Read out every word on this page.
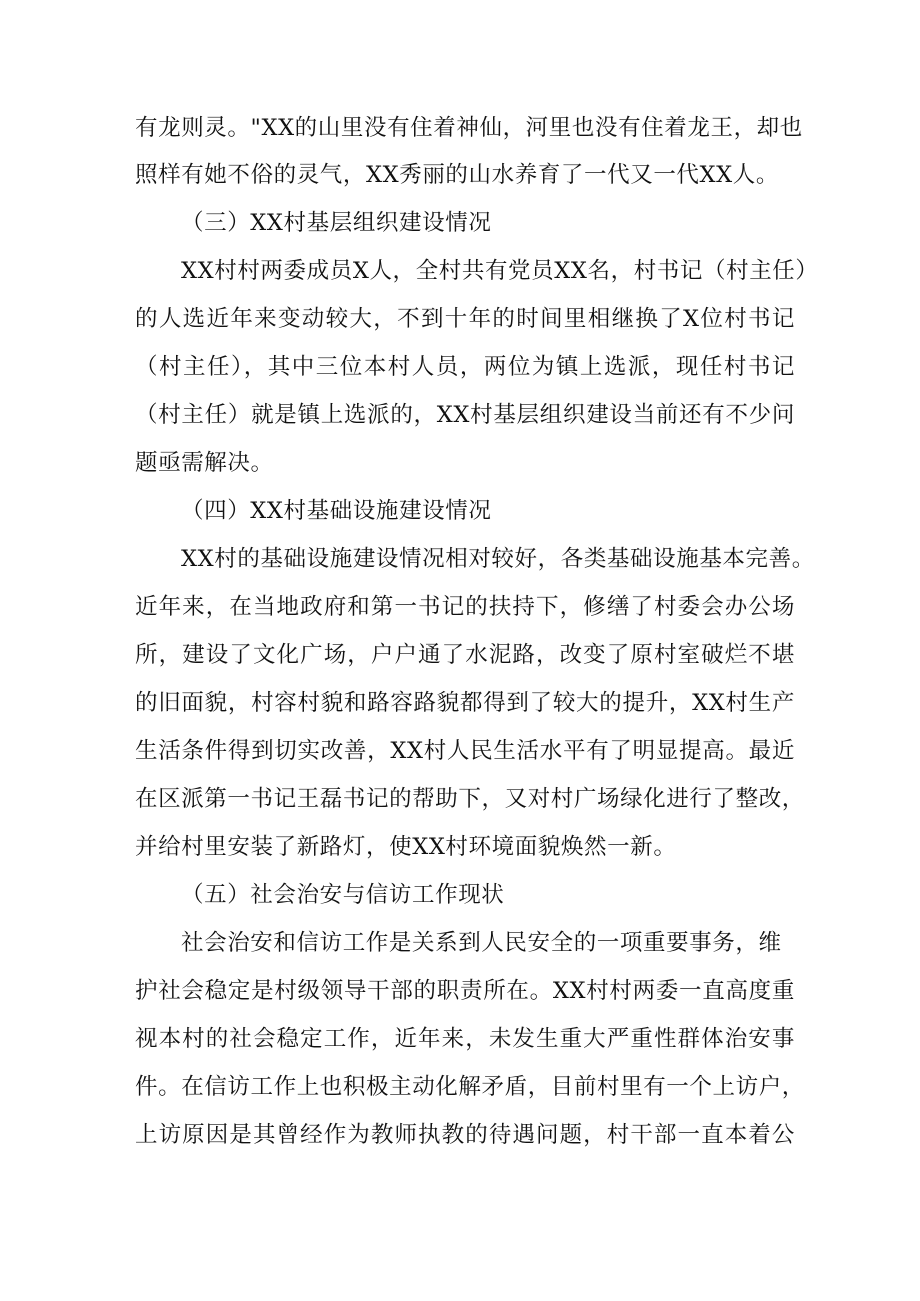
有龙则灵。"XX的山里没有住着神仙，河里也没有住着龙王，却也
照样有她不俗的灵气，XX秀丽的山水养育了一代又一代XX人。
（三）XX村基层组织建设情况
XX村村两委成员X人，全村共有党员XX名，村书记（村主任）
的人选近年来变动较大，不到十年的时间里相继换了X位村书记
（村主任），其中三位本村人员，两位为镇上选派，现任村书记
（村主任）就是镇上选派的，XX村基层组织建设当前还有不少问
题亟需解决。
（四）XX村基础设施建设情况
XX村的基础设施建设情况相对较好，各类基础设施基本完善。
近年来，在当地政府和第一书记的扶持下，修缮了村委会办公场
所，建设了文化广场，户户通了水泥路，改变了原村室破烂不堪
的旧面貌，村容村貌和路容路貌都得到了较大的提升，XX村生产
生活条件得到切实改善，XX村人民生活水平有了明显提高。最近
在区派第一书记王磊书记的帮助下，又对村广场绿化进行了整改，
并给村里安装了新路灯，使XX村环境面貌焕然一新。
（五）社会治安与信访工作现状
社会治安和信访工作是关系到人民安全的一项重要事务，维
护社会稳定是村级领导干部的职责所在。XX村村两委一直高度重
视本村的社会稳定工作，近年来，未发生重大严重性群体治安事
件。在信访工作上也积极主动化解矛盾，目前村里有一个上访户，
上访原因是其曾经作为教师执教的待遇问题，村干部一直本着公
